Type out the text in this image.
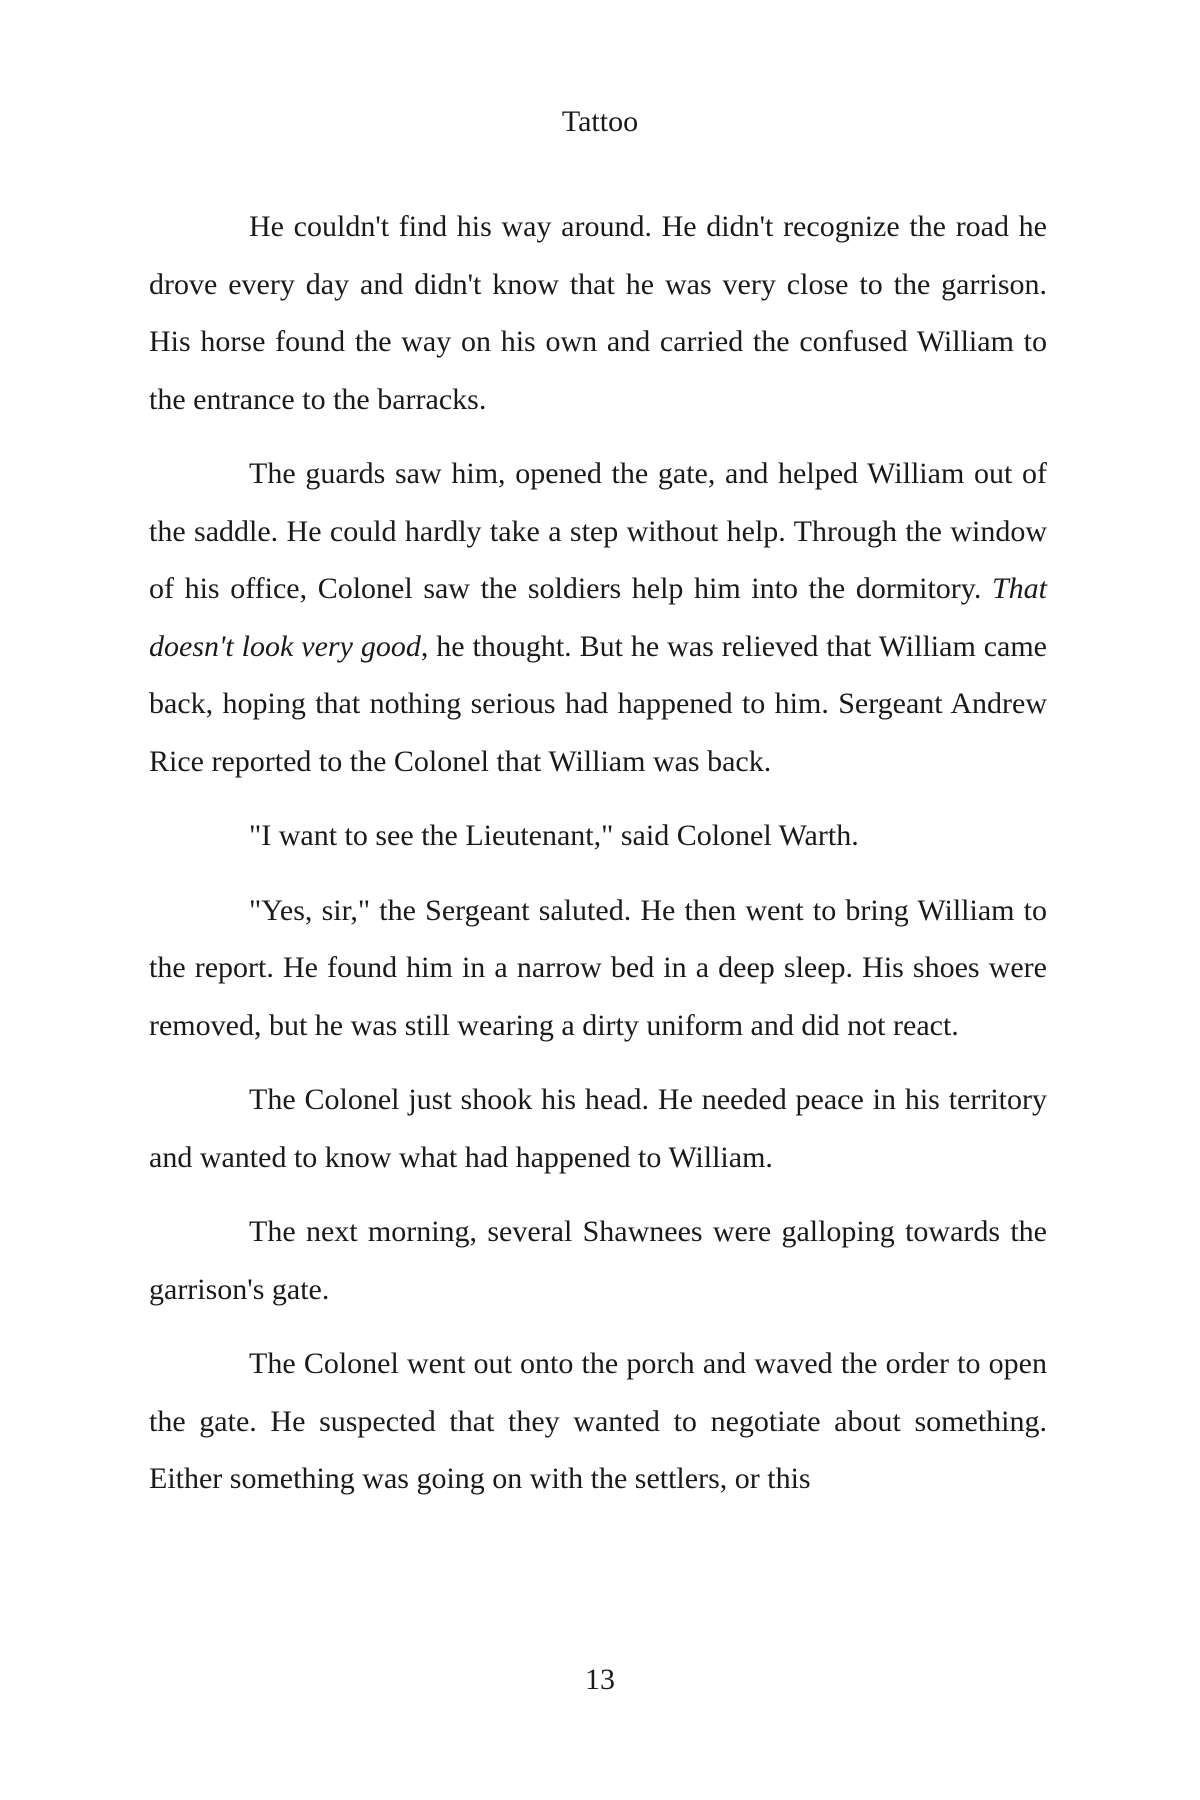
Tattoo

He couldn't find his way around. He didn't recognize the road he drove every day and didn't know that he was very close to the garrison. His horse found the way on his own and carried the confused William to the entrance to the barracks.

The guards saw him, opened the gate, and helped William out of the saddle. He could hardly take a step without help. Through the window of his office, Colonel saw the soldiers help him into the dormitory. That doesn't look very good, he thought. But he was relieved that William came back, hoping that nothing serious had happened to him. Sergeant Andrew Rice reported to the Colonel that William was back.

"I want to see the Lieutenant," said Colonel Warth.

"Yes, sir," the Sergeant saluted. He then went to bring William to the report. He found him in a narrow bed in a deep sleep. His shoes were removed, but he was still wearing a dirty uniform and did not react.

The Colonel just shook his head. He needed peace in his territory and wanted to know what had happened to William.

The next morning, several Shawnees were galloping towards the garrison's gate.

The Colonel went out onto the porch and waved the order to open the gate. He suspected that they wanted to negotiate about something. Either something was going on with the settlers, or this

13
